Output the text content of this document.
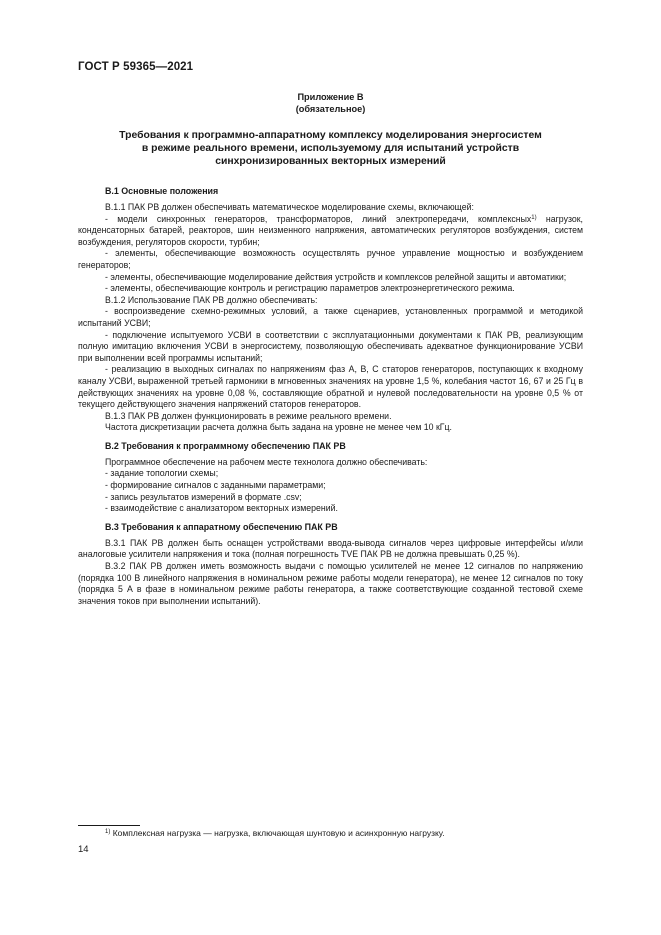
ГОСТ Р 59365—2021
Приложение В
(обязательное)
Требования к программно-аппаратному комплексу моделирования энергосистем
в режиме реального времени, используемому для испытаний устройств
синхронизированных векторных измерений
В.1 Основные положения

В.1.1 ПАК РВ должен обеспечивать математическое моделирование схемы, включающей:

- модели синхронных генераторов, трансформаторов, линий электропередачи, комплексных$^{1)}$ нагрузок, конденсаторных батарей, реакторов, шин неизменного напряжения, автоматических регуляторов возбуждения, систем возбуждения, регуляторов скорости, турбин;

- элементы, обеспечивающие возможность осуществлять ручное управление мощностью и возбуждением генераторов;

- элементы, обеспечивающие моделирование действия устройств и комплексов релейной защиты и автоматики;

- элементы, обеспечивающие контроль и регистрацию параметров электроэнергетического режима.

В.1.2 Использование ПАК РВ должно обеспечивать:

- воспроизведение схемно-режимных условий, а также сценариев, установленных программой и методикой испытаний УСВИ;

- подключение испытуемого УСВИ в соответствии с эксплуатационными документами к ПАК РВ, реализующим полную имитацию включения УСВИ в энергосистему, позволяющую обеспечивать адекватное функционирование УСВИ при выполнении всей программы испытаний;

- реализацию в выходных сигналах по напряжениям фаз А, В, С статоров генераторов, поступающих к входному каналу УСВИ, выраженной третьей гармоники в мгновенных значениях на уровне 1,5 %, колебания частот 16, 67 и 25 Гц в действующих значениях на уровне 0,08 %, составляющие обратной и нулевой последовательности на уровне 0,5 % от текущего действующего значения напряжений статоров генераторов.

В.1.3 ПАК РВ должен функционировать в режиме реального времени.

Частота дискретизации расчета должна быть задана на уровне не менее чем 10 кГц.

В.2 Требования к программному обеспечению ПАК РВ

Программное обеспечение на рабочем месте технолога должно обеспечивать:

- задание топологии схемы;

- формирование сигналов с заданными параметрами;

- запись результатов измерений в формате .csv;

- взаимодействие с анализатором векторных измерений.

В.3 Требования к аппаратному обеспечению ПАК РВ

В.3.1 ПАК РВ должен быть оснащен устройствами ввода-вывода сигналов через цифровые интерфейсы и/или аналоговые усилители напряжения и тока (полная погрешность TVE ПАК РВ не должна превышать 0,25 %).

В.3.2 ПАК РВ должен иметь возможность выдачи с помощью усилителей не менее 12 сигналов по напряжению (порядка 100 В линейного напряжения в номинальном режиме работы модели генератора), не менее 12 сигналов по току (порядка 5 А в фазе в номинальном режиме работы генератора, а также соответствующие созданной тестовой схеме значения токов при выполнении испытаний).

$^{1)}$ Комплексная нагрузка — нагрузка, включающая шунтовую и асинхронную нагрузку.
14
